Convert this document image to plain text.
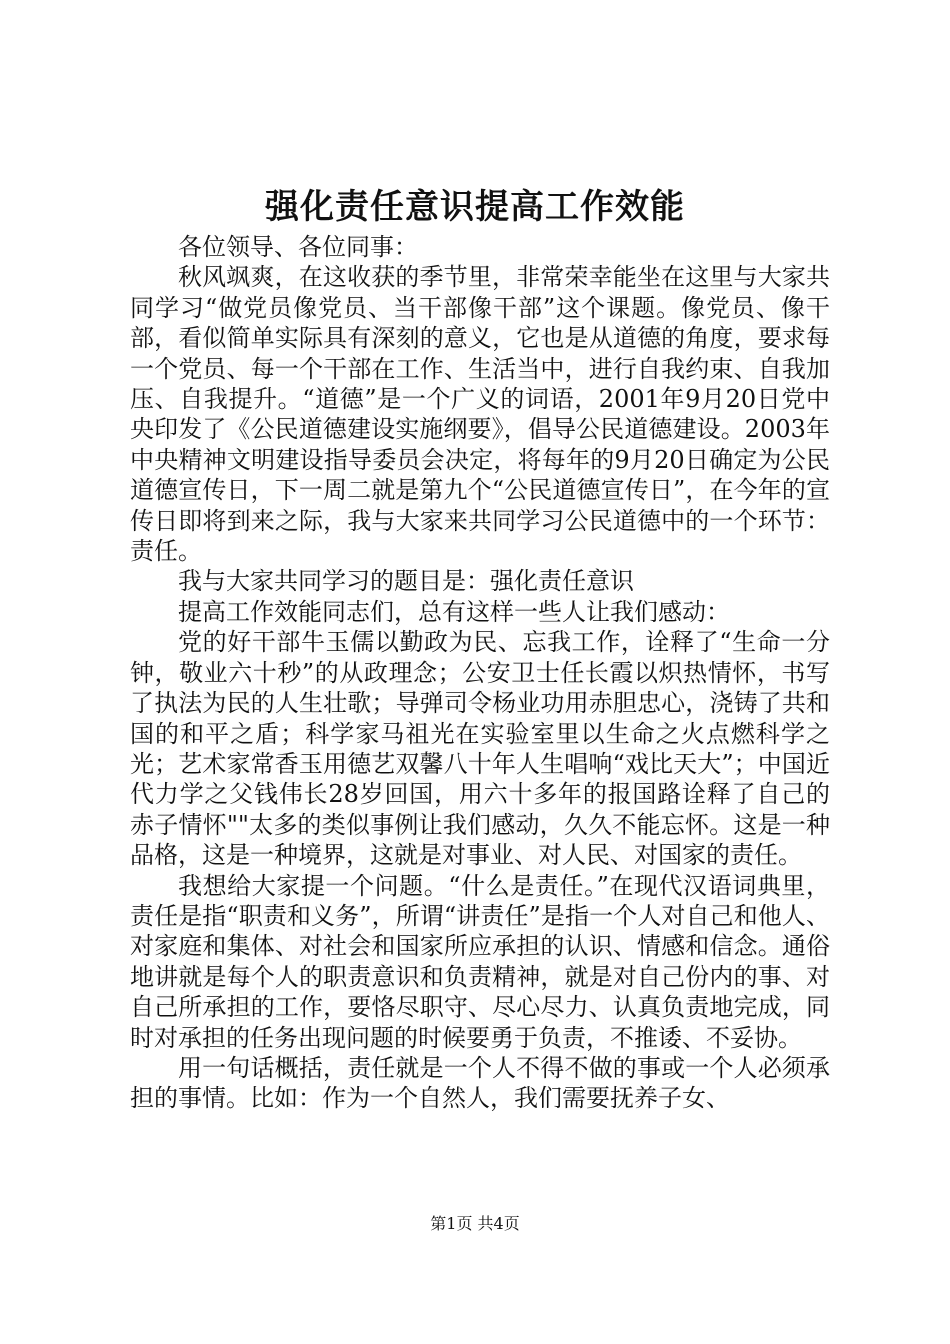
强化责任意识提高工作效能

各位领导、各位同事：

秋风飒爽，在这收获的季节里，非常荣幸能坐在这里与大家共同学习“做党员像党员、当干部像干部”这个课题。像党员、像干部，看似简单实际具有深刻的意义，它也是从道德的角度，要求每一个党员、每一个干部在工作、生活当中，进行自我约束、自我加压、自我提升。“道德”是一个广义的词语，2001年9月20日党中央印发了《公民道德建设实施纲要》，倡导公民道德建设。2003年中央精神文明建设指导委员会决定，将每年的9月20日确定为公民道德宣传日，下一周二就是第九个“公民道德宣传日”，在今年的宣传日即将到来之际，我与大家来共同学习公民道德中的一个环节：责任。

我与大家共同学习的题目是：强化责任意识

提高工作效能同志们，总有这样一些人让我们感动：

党的好干部牛玉儒以勤政为民、忘我工作，诠释了“生命一分钟，敬业六十秒”的从政理念；公安卫士任长霞以炽热情怀，书写了执法为民的人生壮歌；导弹司令杨业功用赤胆忠心，浇铸了共和国的和平之盾；科学家马祖光在实验室里以生命之火点燃科学之光；艺术家常香玉用德艺双馨八十年人生唱响“戏比天大”；中国近代力学之父钱伟长28岁回国，用六十多年的报国路诠释了自己的赤子情怀""太多的类似事例让我们感动，久久不能忘怀。这是一种品格，这是一种境界，这就是对事业、对人民、对国家的责任。

我想给大家提一个问题。“什么是责任。”在现代汉语词典里，责任是指“职责和义务”，所谓“讲责任”是指一个人对自己和他人、对家庭和集体、对社会和国家所应承担的认识、情感和信念。通俗地讲就是每个人的职责意识和负责精神，就是对自己份内的事、对自己所承担的工作，要恪尽职守、尽心尽力、认真负责地完成，同时对承担的任务出现问题的时候要勇于负责，不推诿、不妥协。

用一句话概括，责任就是一个人不得不做的事或一个人必须承担的事情。比如：作为一个自然人，我们需要抚养子女、

第1页 共4页
